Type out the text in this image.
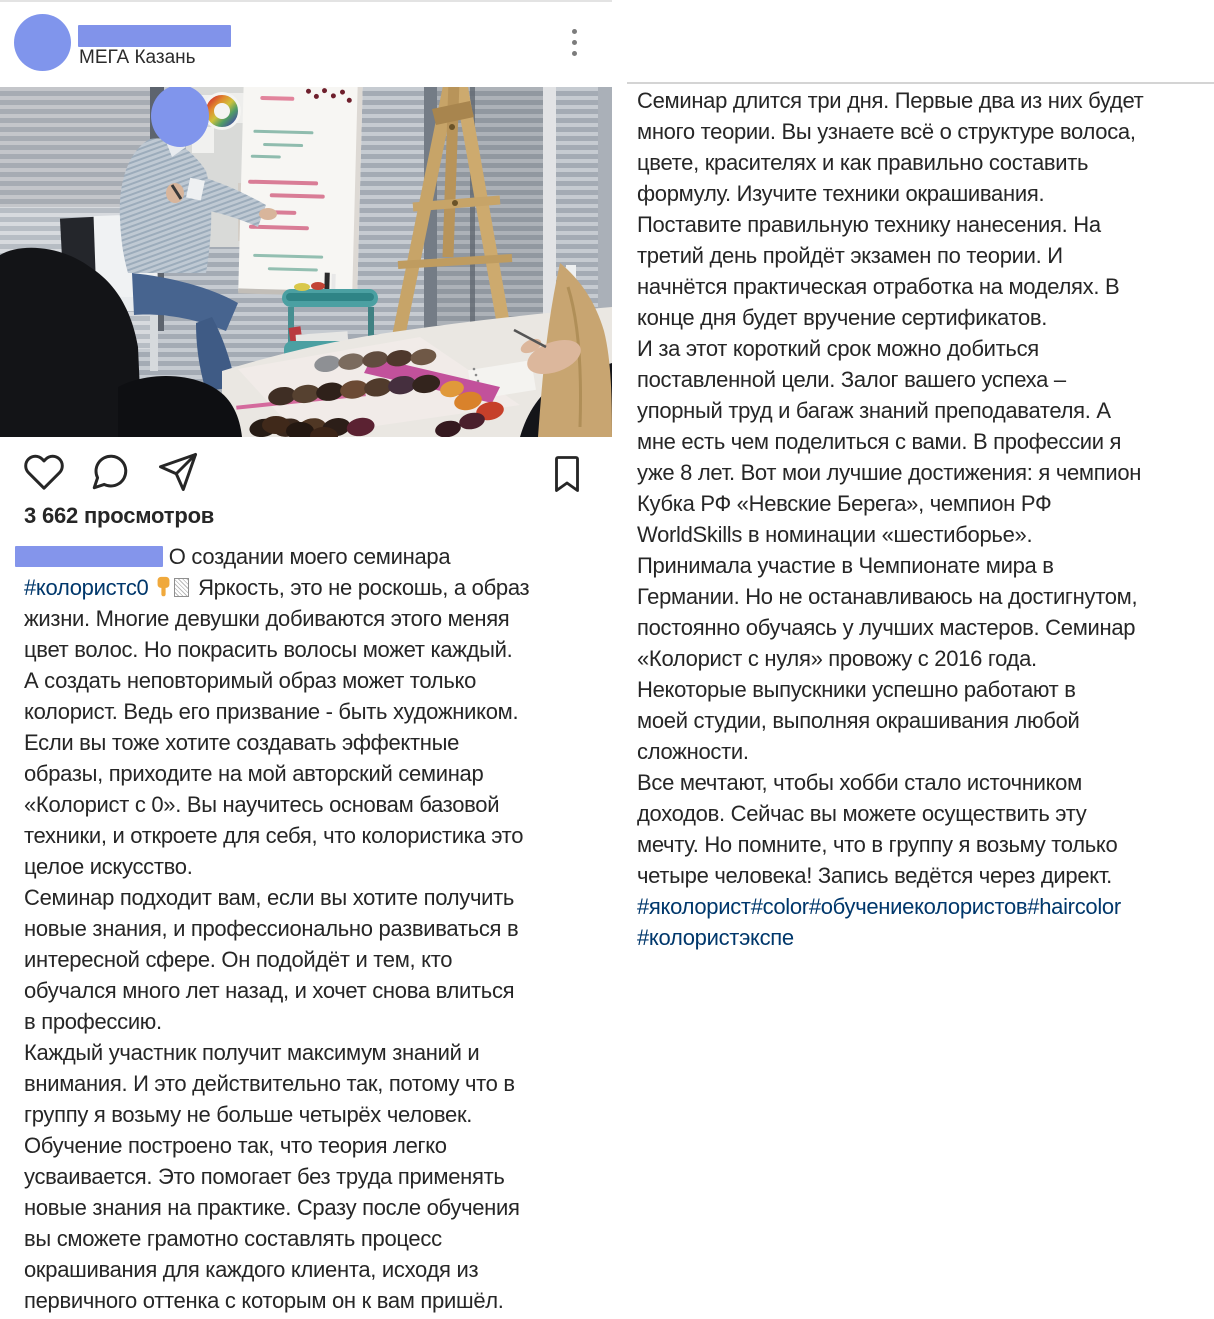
МЕГА Казань
3 662 просмотров
О создании моего семинара
#колористс0  Яркость, это не роскошь, а образ
жизни. Многие девушки добиваются этого меняя
цвет волос. Но покрасить волосы может каждый.
А создать неповторимый образ может только
колорист. Ведь его призвание - быть художником.
Если вы тоже хотите создавать эффектные
образы, приходите на мой авторский семинар
«Колорист с 0». Вы научитесь основам базовой
техники, и откроете для себя, что колористика это
целое искусство.
Семинар подходит вам, если вы хотите получить
новые знания, и профессионально развиваться в
интересной сфере. Он подойдёт и тем, кто
обучался много лет назад, и хочет снова влиться
в профессию.
Каждый участник получит максимум знаний и
внимания. И это действительно так, потому что в
группу я возьму не больше четырёх человек.
Обучение построено так, что теория легко
усваивается. Это помогает без труда применять
новые знания на практике. Сразу после обучения
вы сможете грамотно составлять процесс
окрашивания для каждого клиента, исходя из
первичного оттенка с которым он к вам пришёл.
Семинар длится три дня. Первые два из них будет
много теории. Вы узнаете всё о структуре волоса,
цвете, красителях и как правильно составить
формулу. Изучите техники окрашивания.
Поставите правильную технику нанесения. На
третий день пройдёт экзамен по теории. И
начнётся практическая отработка на моделях. В
конце дня будет вручение сертификатов.
И за этот короткий срок можно добиться
поставленной цели. Залог вашего успеха –
упорный труд и багаж знаний преподавателя. А
мне есть чем поделиться с вами. В профессии я
уже 8 лет. Вот мои лучшие достижения: я чемпион
Кубка РФ «Невские Берега», чемпион РФ
WorldSkills в номинации «шестиборье».
Принимала участие в Чемпионате мира в
Германии. Но не останавливаюсь на достигнутом,
постоянно обучаясь у лучших мастеров. Семинар
«Колорист с нуля» провожу с 2016 года.
Некоторые выпускники успешно работают в
моей студии, выполняя окрашивания любой
сложности.
Все мечтают, чтобы хобби стало источником
доходов. Сейчас вы можете осуществить эту
мечту. Но помните, что в группу я возьму только
четыре человека! Запись ведётся через директ.
#яколорист#color#обучениеколористов#haircolor
#колористэкспе
